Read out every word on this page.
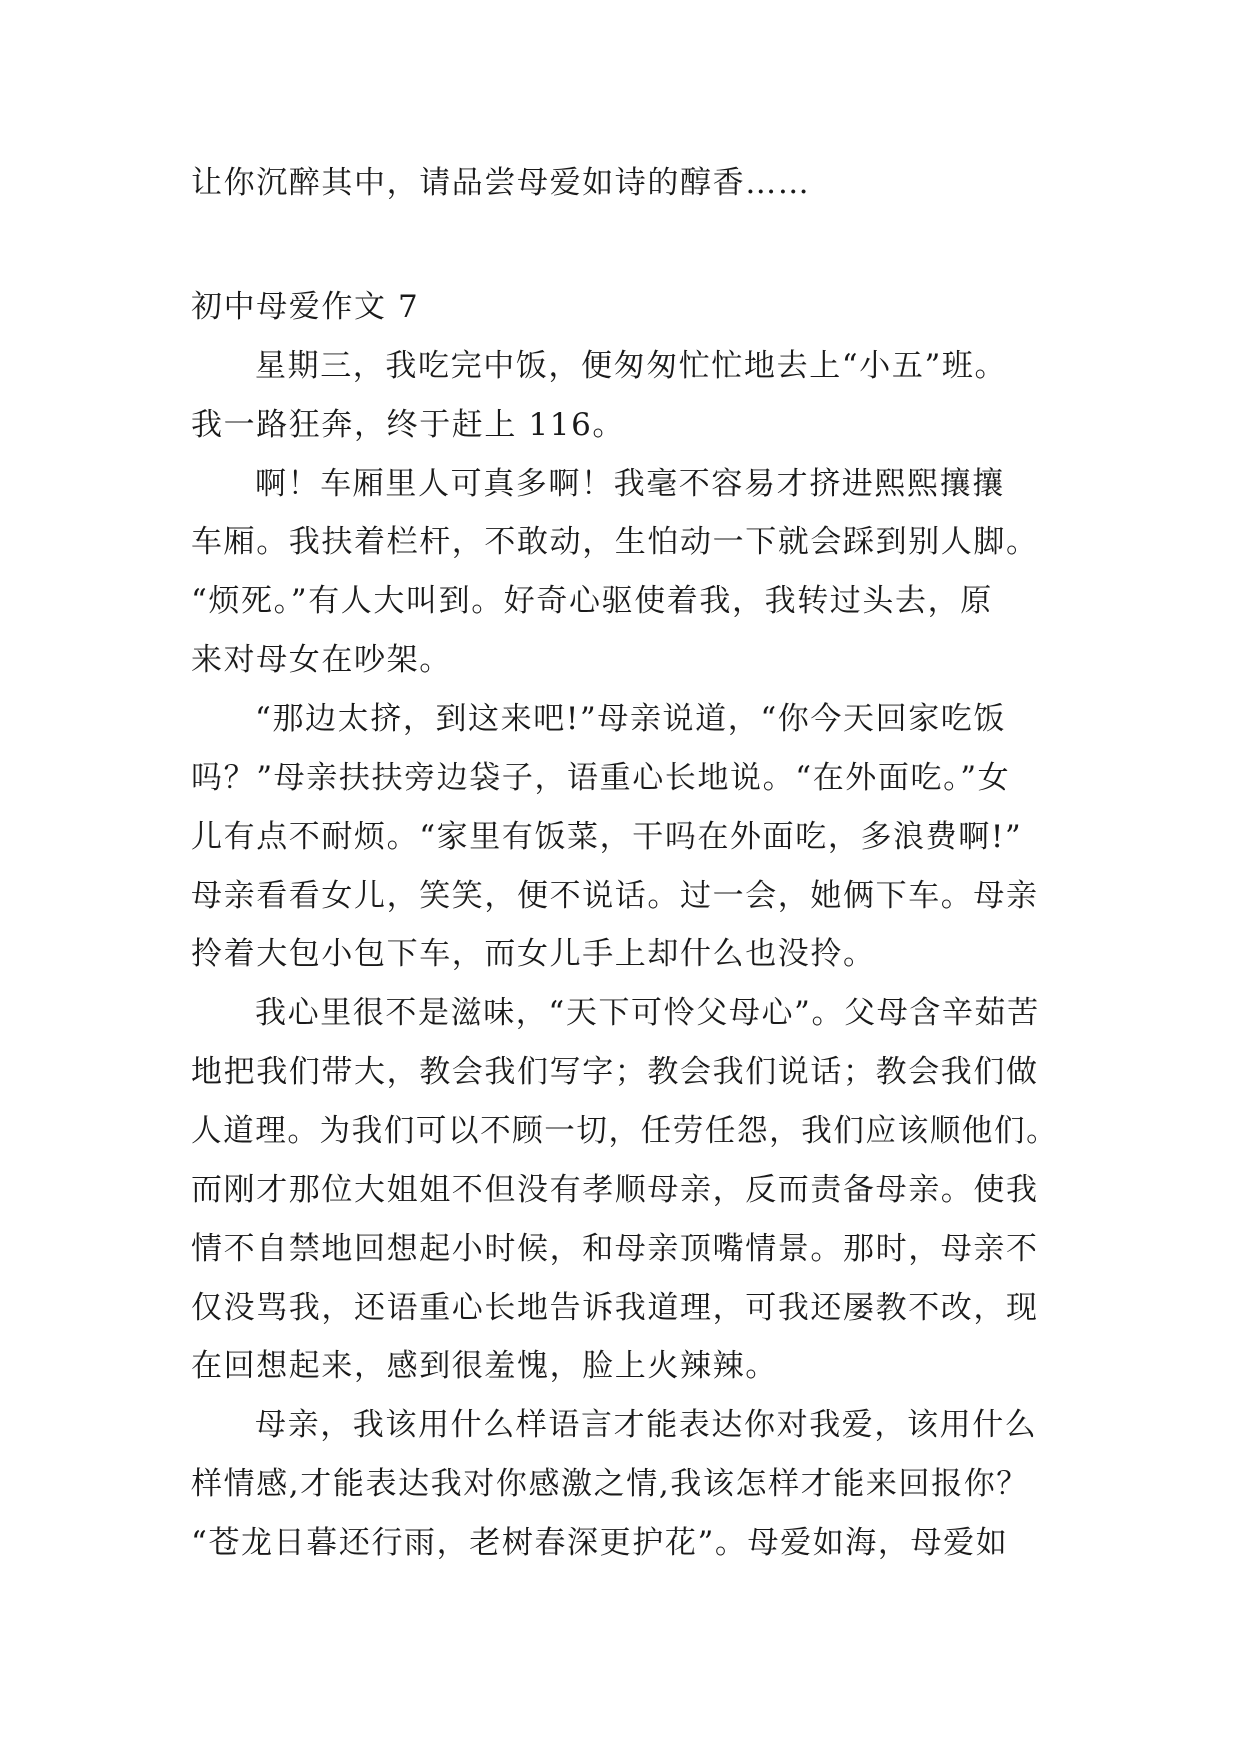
让你沉醉其中，请品尝母爱如诗的醇香……
初中母爱作文 7
星期三，我吃完中饭，便匆匆忙忙地去上“小五”班。
我一路狂奔，终于赶上 116。
啊！车厢里人可真多啊！我毫不容易才挤进熙熙攘攘
车厢。我扶着栏杆，不敢动，生怕动一下就会踩到别人脚。
“烦死。”有人大叫到。好奇心驱使着我，我转过头去，原
来对母女在吵架。
“那边太挤，到这来吧!”母亲说道，“你今天回家吃饭
吗？”母亲扶扶旁边袋子，语重心长地说。“在外面吃。”女
儿有点不耐烦。“家里有饭菜，干吗在外面吃，多浪费啊!”
母亲看看女儿，笑笑，便不说话。过一会，她俩下车。母亲
拎着大包小包下车，而女儿手上却什么也没拎。
我心里很不是滋味，“天下可怜父母心”。父母含辛茹苦
地把我们带大，教会我们写字；教会我们说话；教会我们做
人道理。为我们可以不顾一切，任劳任怨，我们应该顺他们。
而刚才那位大姐姐不但没有孝顺母亲，反而责备母亲。使我
情不自禁地回想起小时候，和母亲顶嘴情景。那时，母亲不
仅没骂我，还语重心长地告诉我道理，可我还屡教不改，现
在回想起来，感到很羞愧，脸上火辣辣。
母亲，我该用什么样语言才能表达你对我爱，该用什么
样情感,才能表达我对你感激之情,我该怎样才能来回报你？
“苍龙日暮还行雨，老树春深更护花”。母爱如海，母爱如
